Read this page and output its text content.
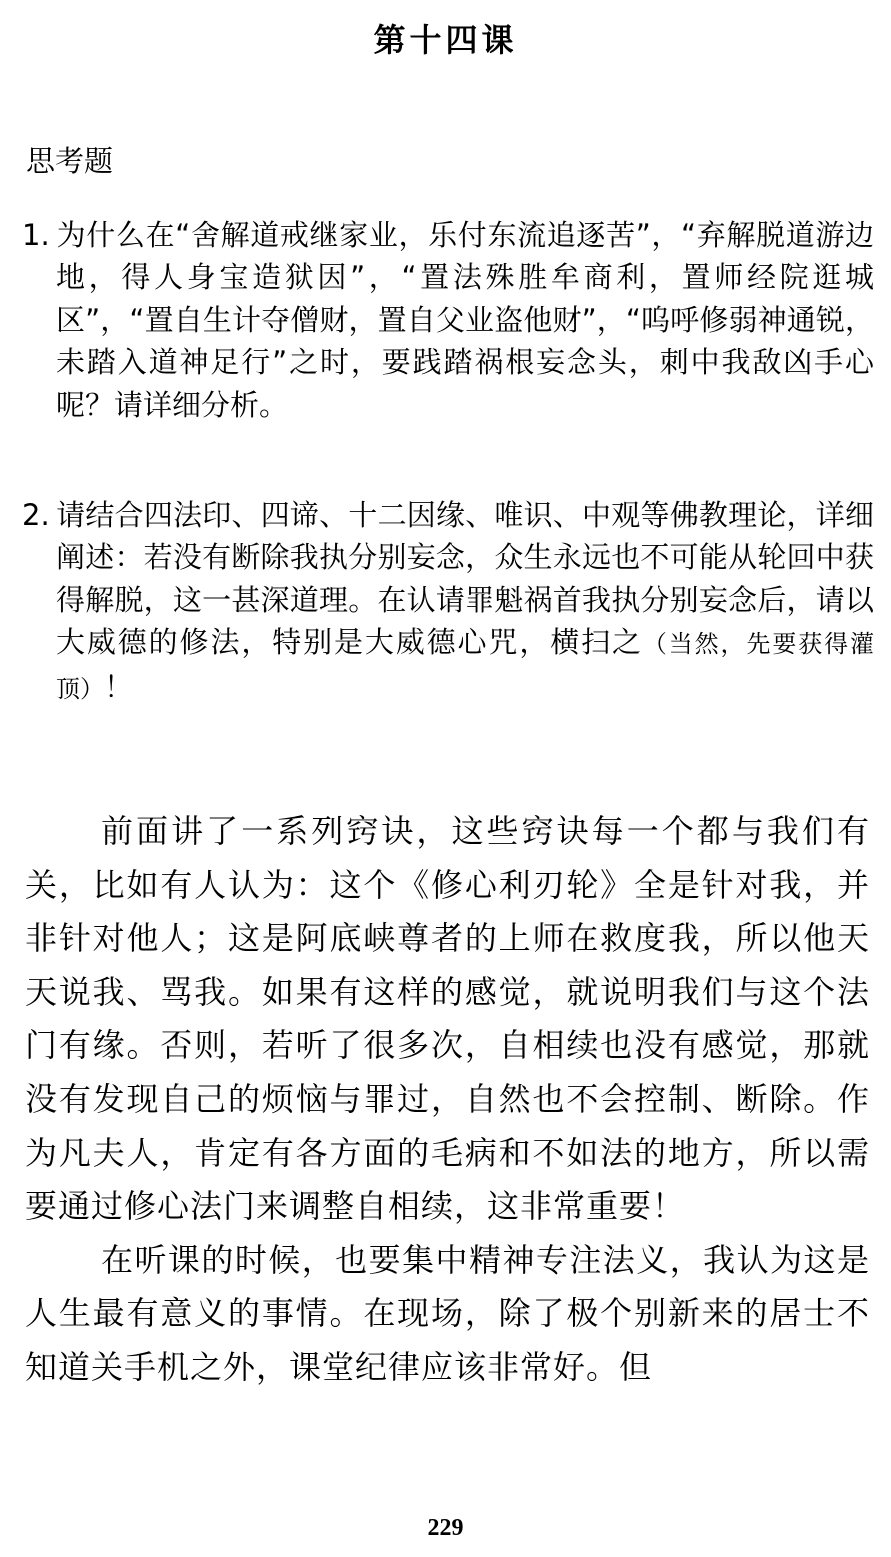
第十四课
思考题
1. 为什么在“舍解道戒继家业，乐付东流追逐苦”，“弃解脱道游边地，得人身宝造狱因”，“置法殊胜牟商利，置师经院逛城区”，“置自生计夺僧财，置自父业盗他财”，“呜呼修弱神通锐，未踏入道神足行”之时，要践踏祸根妄念头，刺中我敌凶手心呢？请详细分析。
2. 请结合四法印、四谛、十二因缘、唯识、中观等佛教理论，详细阐述：若没有断除我执分别妄念，众生永远也不可能从轮回中获得解脱，这一甚深道理。在认请罪魁祸首我执分别妄念后，请以大威德的修法，特别是大威德心咒，横扫之（当然，先要获得灌顶）！

前面讲了一系列窍诀，这些窍诀每一个都与我们有关，比如有人认为：这个《修心利刃轮》全是针对我，并非针对他人；这是阿底峡尊者的上师在救度我，所以他天天说我、骂我。如果有这样的感觉，就说明我们与这个法门有缘。否则，若听了很多次，自相续也没有感觉，那就没有发现自己的烦恼与罪过，自然也不会控制、断除。作为凡夫人，肯定有各方面的毛病和不如法的地方，所以需要通过修心法门来调整自相续，这非常重要！

在听课的时候，也要集中精神专注法义，我认为这是人生最有意义的事情。在现场，除了极个别新来的居士不知道关手机之外，课堂纪律应该非常好。但

229
